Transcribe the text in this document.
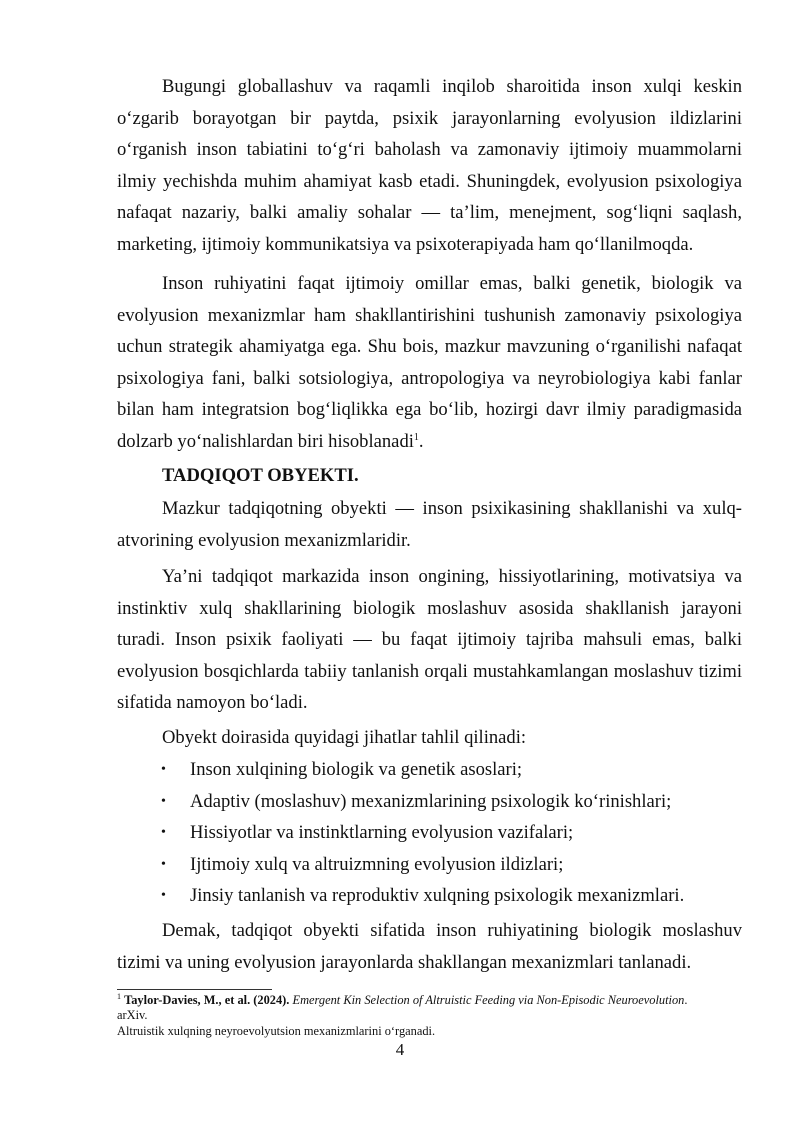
Bugungi globallashuv va raqamli inqilob sharoitida inson xulqi keskin o‘zgarib borayotgan bir paytda, psixik jarayonlarning evolyusion ildizlarini o‘rganish inson tabiatini to‘g‘ri baholash va zamonaviy ijtimoiy muammolarni ilmiy yechishda muhim ahamiyat kasb etadi. Shuningdek, evolyusion psixologiya nafaqat nazariy, balki amaliy sohalar — ta’lim, menejment, sog‘liqni saqlash, marketing, ijtimoiy kommunikatsiya va psixoterapiyada ham qo‘llanilmoqda.

Inson ruhiyatini faqat ijtimoiy omillar emas, balki genetik, biologik va evolyusion mexanizmlar ham shakllantirishini tushunish zamonaviy psixologiya uchun strategik ahamiyatga ega. Shu bois, mazkur mavzuning o‘rganilishi nafaqat psixologiya fani, balki sotsiologiya, antropologiya va neyrobiologiya kabi fanlar bilan ham integratsion bog‘liqlikka ega bo‘lib, hozirgi davr ilmiy paradigmasida dolzarb yo‘nalishlardan biri hisoblanadi$^1$.

TADQIQOT OBYEKTI.

Mazkur tadqiqotning obyekti — inson psixikasining shakllanishi va xulq-atvorining evolyusion mexanizmlaridir.

Ya’ni tadqiqot markazida inson ongining, hissiyotlarining, motivatsiya va instinktiv xulq shakllarining biologik moslashuv asosida shakllanish jarayoni turadi. Inson psixik faoliyati — bu faqat ijtimoiy tajriba mahsuli emas, balki evolyusion bosqichlarda tabiiy tanlanish orqali mustahkamlangan moslashuv tizimi sifatida namoyon bo‘ladi.

Obyekt doirasida quyidagi jihatlar tahlil qilinadi:

• Inson xulqining biologik va genetik asoslari;
• Adaptiv (moslashuv) mexanizmlarining psixologik ko‘rinishlari;
• Hissiyotlar va instinktlarning evolyusion vazifalari;
• Ijtimoiy xulq va altruizmning evolyusion ildizlari;
• Jinsiy tanlanish va reproduktiv xulqning psixologik mexanizmlari.

Demak, tadqiqot obyekti sifatida inson ruhiyatining biologik moslashuv tizimi va uning evolyusion jarayonlarda shakllangan mexanizmlari tanlanadi.

$^1$ Taylor-Davies, M., et al. (2024). Emergent Kin Selection of Altruistic Feeding via Non-Episodic Neuroevolution.

arXiv.

Altruistik xulqning neyroevolyutsion mexanizmlarini o‘rganadi.

4
